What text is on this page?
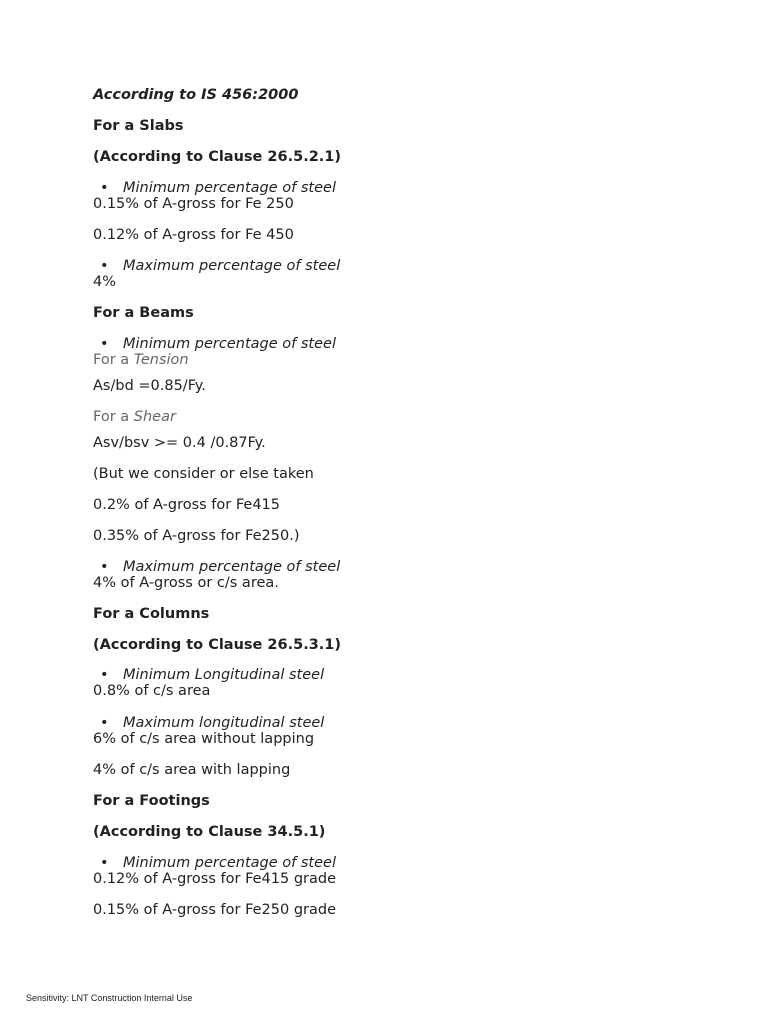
According to IS 456:2000
For a Slabs
(According to Clause 26.5.2.1)
• Minimum percentage of steel
0.15% of A-gross for Fe 250
0.12% of A-gross for Fe 450
• Maximum percentage of steel
4%
For a Beams
• Minimum percentage of steel
For a Tension
As/bd =0.85/Fy.
For a Shear
Asv/bsv >= 0.4 /0.87Fy.
(But we consider or else taken
0.2% of A-gross for Fe415
0.35% of A-gross for Fe250.)
• Maximum percentage of steel
4% of A-gross or c/s area.
For a Columns
(According to Clause 26.5.3.1)
• Minimum Longitudinal steel
0.8% of c/s area
• Maximum longitudinal steel
6% of c/s area without lapping
4% of c/s area with lapping
For a Footings
(According to Clause 34.5.1)
• Minimum percentage of steel
0.12% of A-gross for Fe415 grade
0.15% of A-gross for Fe250 grade
Sensitivity: LNT Construction Internal Use
